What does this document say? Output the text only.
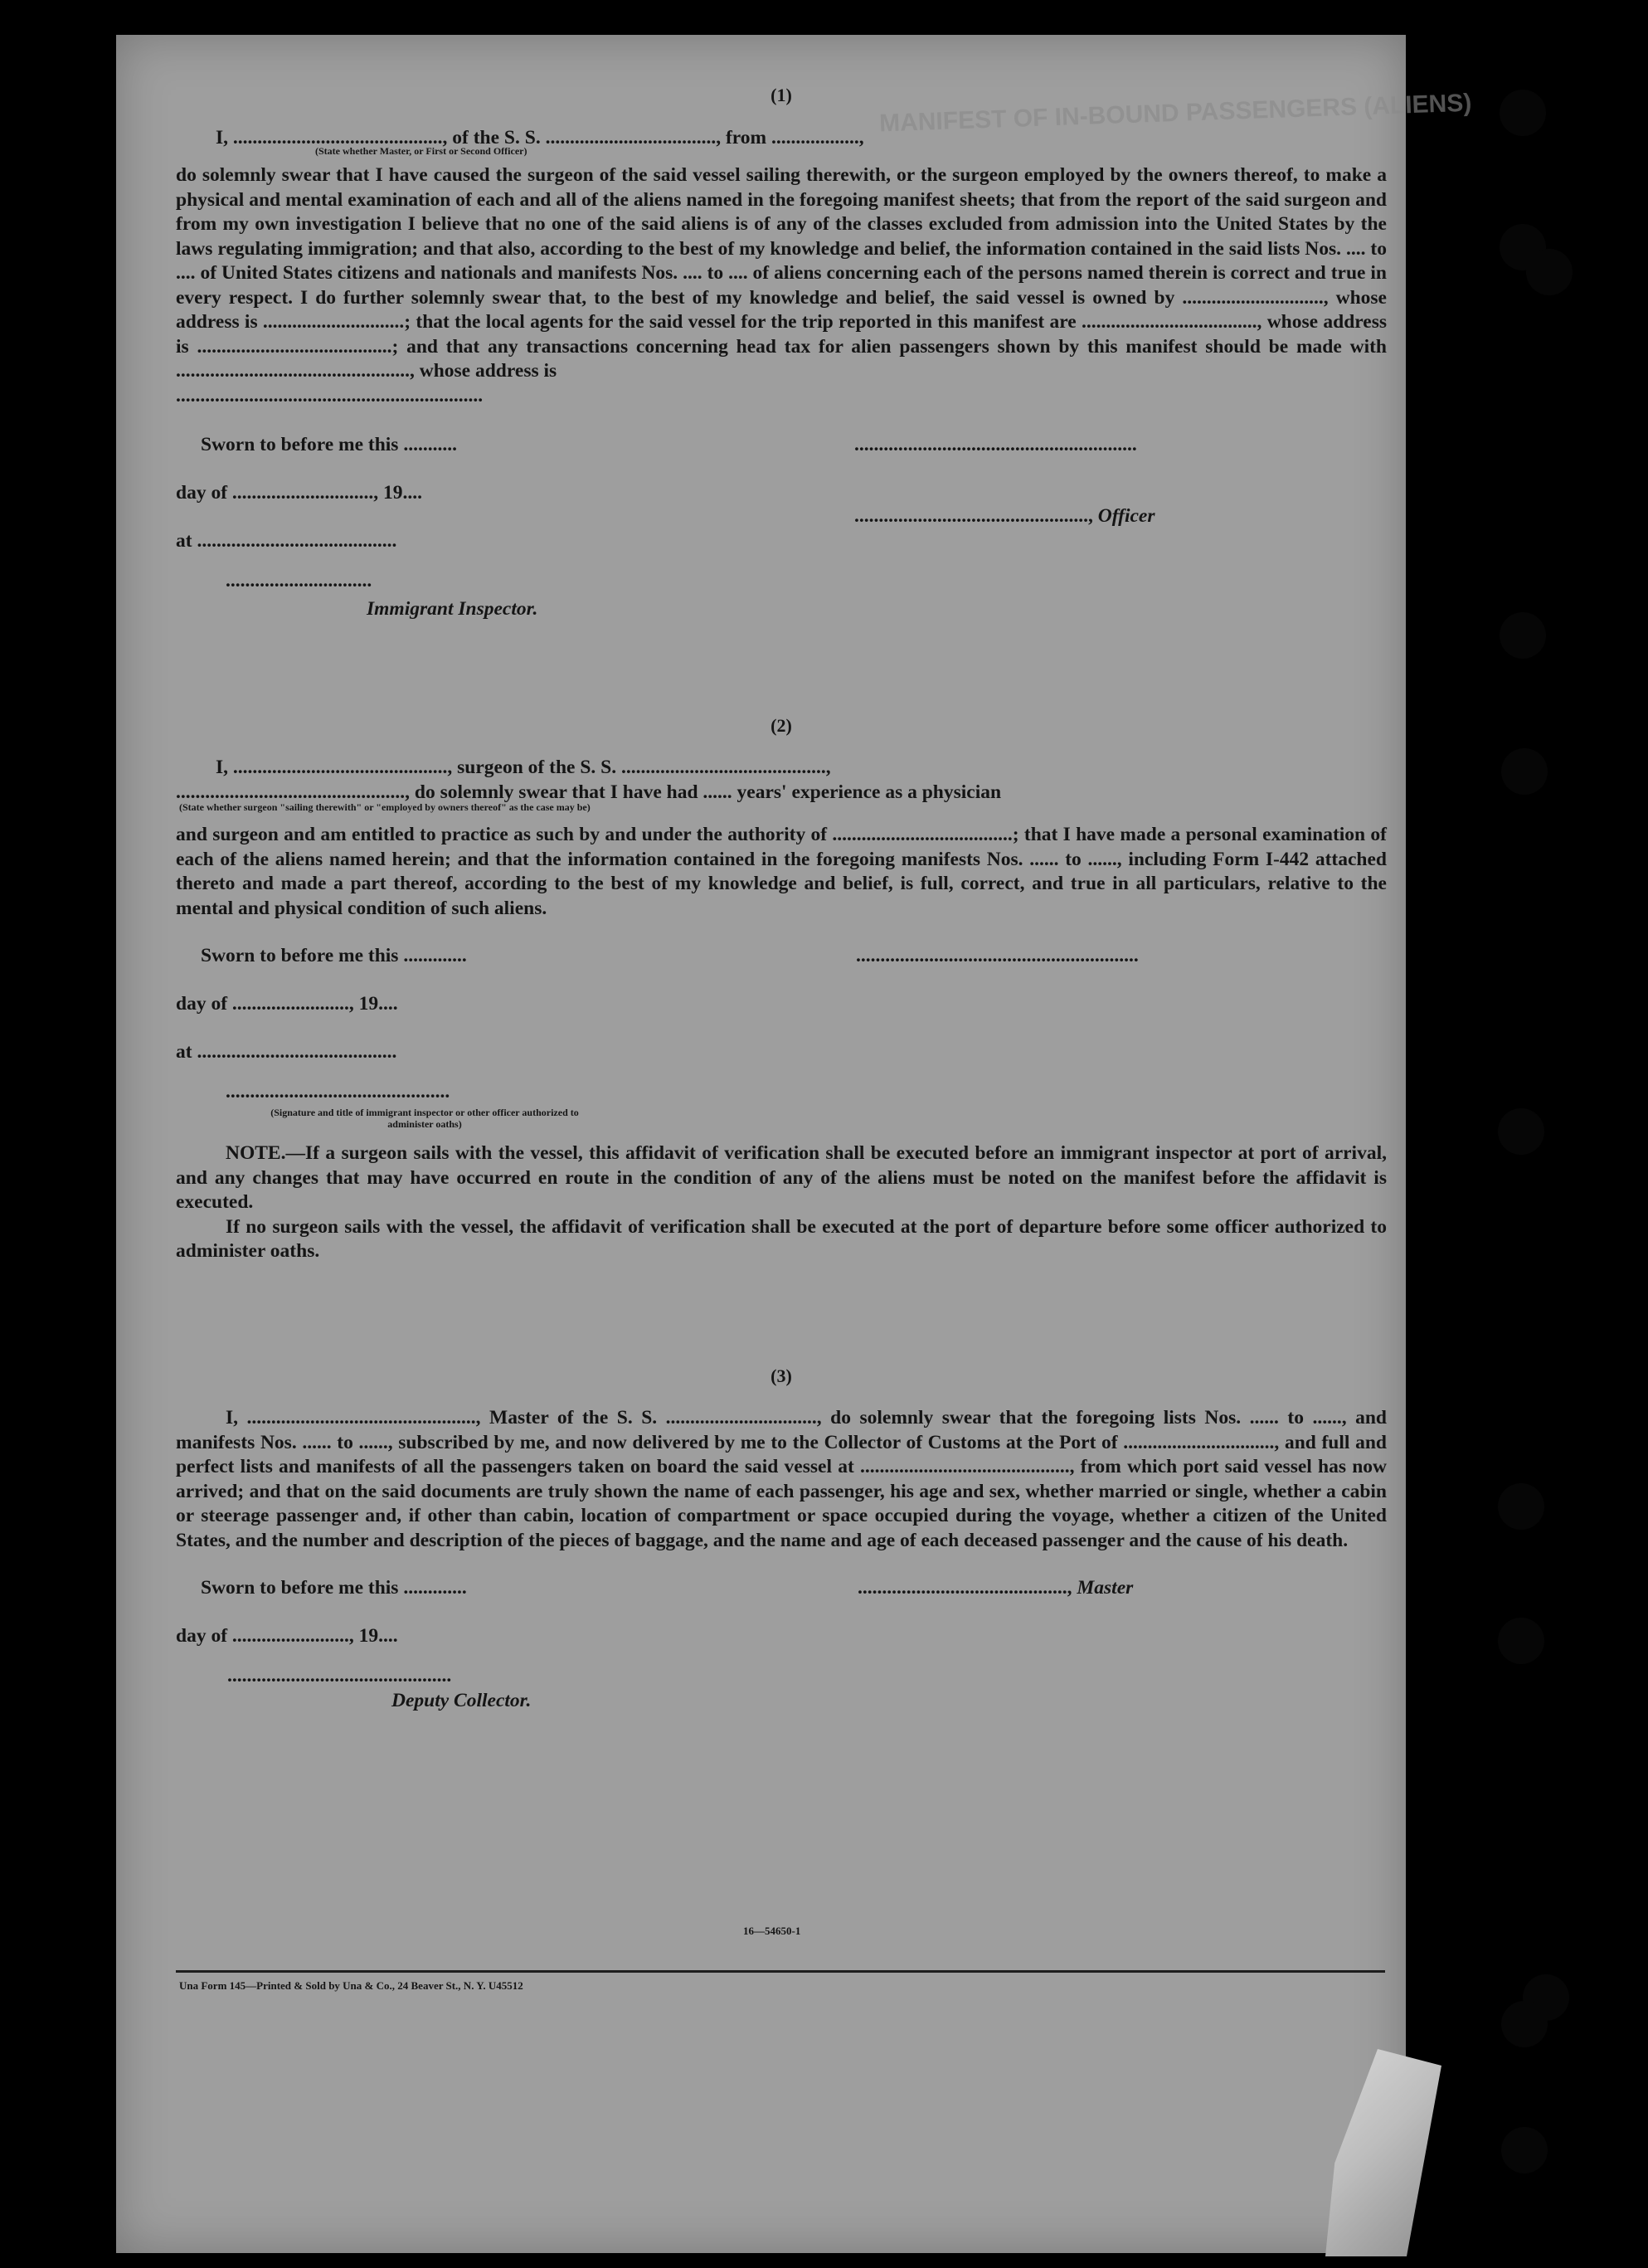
MANIFEST OF IN-BOUND PASSENGERS (ALIENS)
(1)
I, ..........................................., of the S. S. ..................................., from ..................,
(State whether Master, or First or Second Officer)

do solemnly swear that I have caused the surgeon of the said vessel sailing therewith, or the surgeon employed by the owners thereof, to make a physical and mental examination of each and all of the aliens named in the foregoing manifest sheets; that from the report of the said surgeon and from my own investigation I believe that no one of the said aliens is of any of the classes excluded from admission into the United States by the laws regulating immigration; and that also, according to the best of my knowledge and belief, the information contained in the said lists Nos. .... to .... of United States citizens and nationals and manifests Nos. .... to .... of aliens concerning each of the persons named therein is correct and true in every respect. I do further solemnly swear that, to the best of my knowledge and belief, the said vessel is owned by ............................., whose address is .............................; that the local agents for the said vessel for the trip reported in this manifest are ...................................., whose address is ........................................; and that any transactions concerning head tax for alien passengers shown by this manifest should be made with ................................................, whose address is

...............................................................
Sworn to before me this ...........	..........................................................
day of ............................., 19....
................................................, Officer
at .........................................
..............................
Immigrant Inspector.
(2)
I, ............................................, surgeon of the S. S. ..........................................,
..............................................., do solemnly swear that I have had ...... years' experience as a physician
(State whether surgeon "sailing therewith" or "employed by owners thereof" as the case may be)

and surgeon and am entitled to practice as such by and under the authority of .....................................; that I have made a personal examination of each of the aliens named herein; and that the information contained in the foregoing manifests Nos. ...... to ......, including Form I-442 attached thereto and made a part thereof, according to the best of my knowledge and belief, is full, correct, and true in all particulars, relative to the mental and physical condition of such aliens.

Sworn to before me this .............	..........................................................
day of ........................, 19....
at .........................................
..............................................
(Signature and title of immigrant inspector or other officer authorized to administer oaths)

NOTE.—If a surgeon sails with the vessel, this affidavit of verification shall be executed before an immigrant inspector at port of arrival, and any changes that may have occurred en route in the condition of any of the aliens must be noted on the manifest before the affidavit is executed.

If no surgeon sails with the vessel, the affidavit of verification shall be executed at the port of departure before some officer authorized to administer oaths.

(3)

I, ..............................................., Master of the S. S. ..............................., do solemnly swear that the foregoing lists Nos. ...... to ......, and manifests Nos. ...... to ......, subscribed by me, and now delivered by me to the Collector of Customs at the Port of ..............................., and full and perfect lists and manifests of all the passengers taken on board the said vessel at ..........................................., from which port said vessel has now arrived; and that on the said documents are truly shown the name of each passenger, his age and sex, whether married or single, whether a cabin or steerage passenger and, if other than cabin, location of compartment or space occupied during the voyage, whether a citizen of the United States, and the number and description of the pieces of baggage, and the name and age of each deceased passenger and the cause of his death.

Sworn to before me this .............	..........................................., Master
day of ........................, 19....
..............................................
Deputy Collector.
16—54650-1
Una Form 145—Printed & Sold by Una & Co., 24 Beaver St., N. Y. U45512
